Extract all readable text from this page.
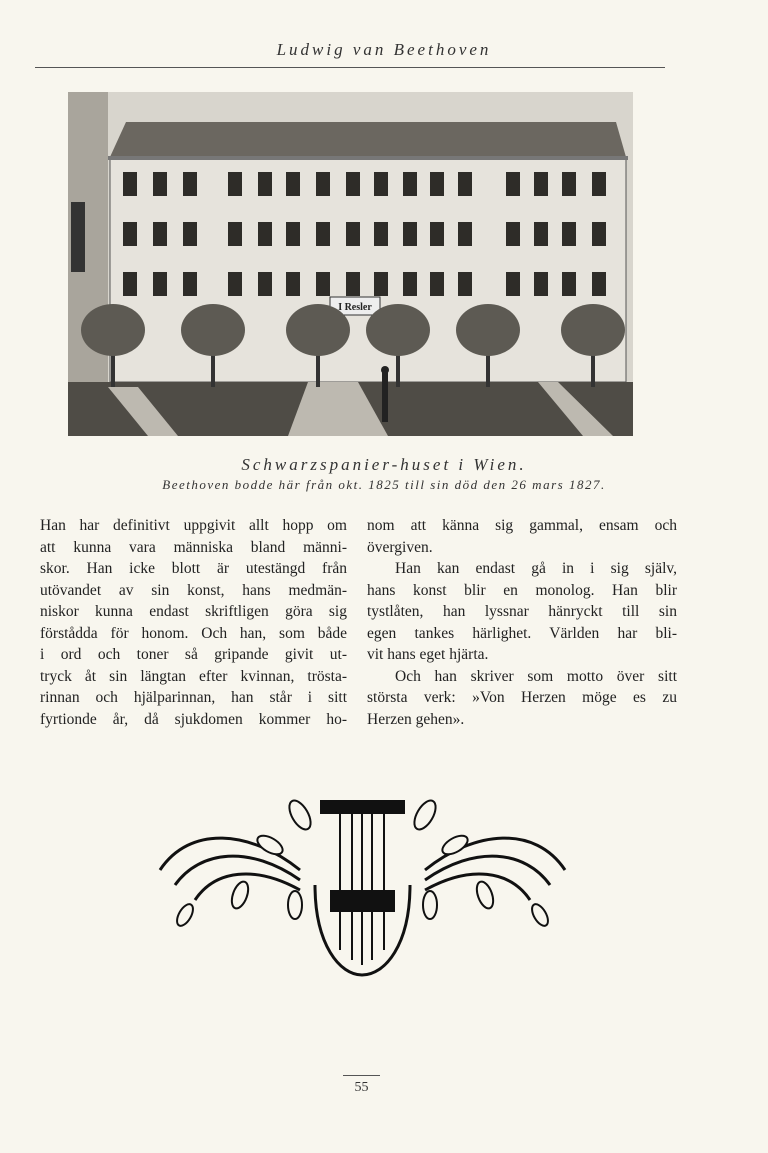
Ludwig van Beethoven
I Resler
Schwarzspanier-huset i Wien.
Beethoven bodde här från okt. 1825 till sin död den 26 mars 1827.
Han har definitivt uppgivit allt hopp om
att kunna vara människa bland männi-
skor. Han icke blott är utestängd från
utövandet av sin konst, hans medmän-
niskor kunna endast skriftligen göra sig
förstådda för honom. Och han, som både
i ord och toner så gripande givit ut-
tryck åt sin längtan efter kvinnan, trösta-
rinnan och hjälparinnan, han står i sitt
fyrtionde år, då sjukdomen kommer ho-
nom att känna sig gammal, ensam och
övergiven.
Han kan endast gå in i sig själv,
hans konst blir en monolog. Han blir
tystlåten, han lyssnar hänryckt till sin
egen tankes härlighet. Världen har bli-
vit hans eget hjärta.
Och han skriver som motto över sitt
största verk: »Von Herzen möge es zu
Herzen gehen».
55
